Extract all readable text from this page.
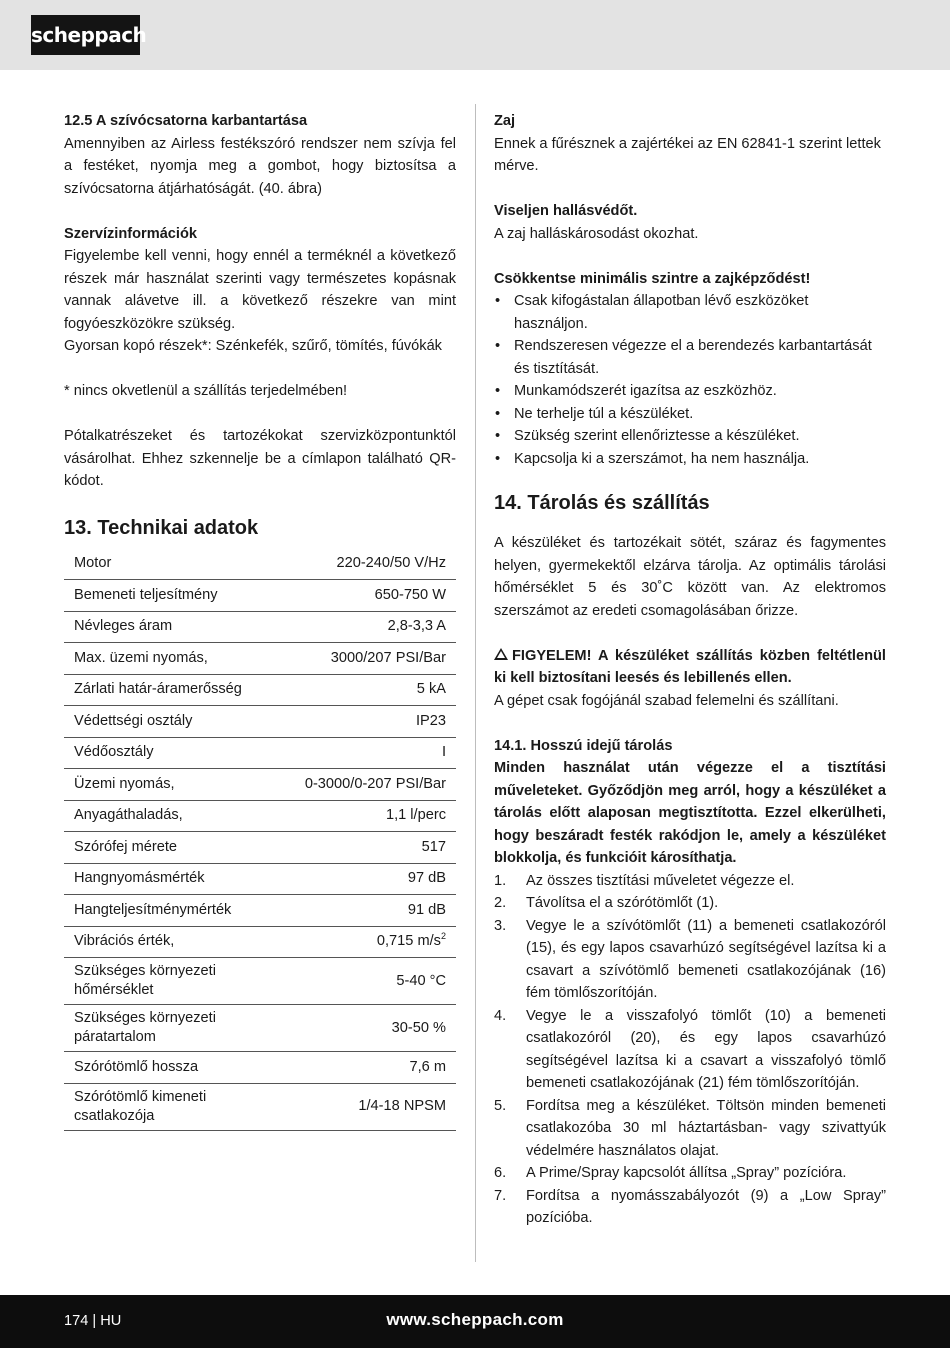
scheppach

12.5 A szívócsatorna karbantartása

Amennyiben az Airless festékszóró rendszer nem szívja fel a festéket, nyomja meg a gombot, hogy biztosítsa a szívócsatorna átjárhatóságát. (40. ábra)

Szervízinformációk

Figyelembe kell venni, hogy ennél a terméknél a következő részek már használat szerinti vagy természetes kopásnak vannak alávetve ill. a következő részekre van mint fogyóeszközökre szükség.

Gyorsan kopó részek*: Szénkefék, szűrő, tömítés, fúvókák

* nincs okvetlenül a szállítás terjedelmében!

Pótalkatrészeket és tartozékokat szervizközpontunktól vásárolhat. Ehhez szkennelje be a címlapon található QR-kódot.

13. Technikai adatok
Motor	220-240/50 V/Hz
Bemeneti teljesítmény	650-750 W
Névleges áram	2,8-3,3 A
Max. üzemi nyomás,	3000/207 PSI/Bar
Zárlati határ-áramerősség	5 kA
Védettségi osztály	IP23
Védőosztály	I
Üzemi nyomás,	0-3000/0-207 PSI/Bar
Anyagáthaladás,	1,1 l/perc
Szórófej mérete	517
Hangnyomásmérték	97 dB
Hangteljesítménymérték	91 dB
Vibrációs érték,	0,715 $m/s^2$
Szükséges környezeti hőmérséklet	5-40 °C
Szükséges környezeti páratartalom	30-50 %
Szórótömlő hossza	7,6 m
Szórótömlő kimeneti csatlakozója	1/4-18 NPSM

Zaj

Ennek a fűrésznek a zajértékei az EN 62841-1 szerint lettek mérve.

Viseljen hallásvédőt.

A zaj halláskárosodást okozhat.

Csökkentse minimális szintre a zajképződést!

• Csak kifogástalan állapotban lévő eszközöket használjon.
• Rendszeresen végezze el a berendezés karbantartását és tisztítását.
• Munkamódszerét igazítsa az eszközhöz.
• Ne terhelje túl a készüléket.
• Szükség szerint ellenőriztesse a készüléket.
• Kapcsolja ki a szerszámot, ha nem használja.
14. Tárolás és szállítás

A készüléket és tartozékait sötét, száraz és fagymentes helyen, gyermekektől elzárva tárolja. Az optimális tárolási hőmérséklet 5 és 30˚C között van. Az elektromos szerszámot az eredeti csomagolásában őrizze.

FIGYELEM! A készüléket szállítás közben feltétlenül ki kell biztosítani leesés és lebillenés ellen.

A gépet csak fogójánál szabad felemelni és szállítani.

14.1. Hosszú idejű tárolás

Minden használat után végezze el a tisztítási műveleteket. Győződjön meg arról, hogy a készüléket a tárolás előtt alaposan megtisztította. Ezzel elkerülheti, hogy beszáradt festék rakódjon le, amely a készüléket blokkolja, és funkcióit károsíthatja.

1. Az összes tisztítási műveletet végezze el.
2. Távolítsa el a szórótömlőt (1).
3. Vegye le a szívótömlőt (11) a bemeneti csatlakozóról (15), és egy lapos csavarhúzó segítségével lazítsa ki a csavart a szívótömlő bemeneti csatlakozójának (16) fém tömlőszorítóján.
4. Vegye le a visszafolyó tömlőt (10) a bemeneti csatlakozóról (20), és egy lapos csavarhúzó segítségével lazítsa ki a csavart a visszafolyó tömlő bemeneti csatlakozójának (21) fém tömlőszorítóján.
5. Fordítsa meg a készüléket. Töltsön minden bemeneti csatlakozóba 30 ml háztartásban- vagy szivattyúk védelmére használatos olajat.
6. A Prime/Spray kapcsolót állítsa „Spray” pozícióra.
7. Fordítsa a nyomásszabályozót (9) a „Low Spray” pozícióba.
174 | HU	www.scheppach.com
